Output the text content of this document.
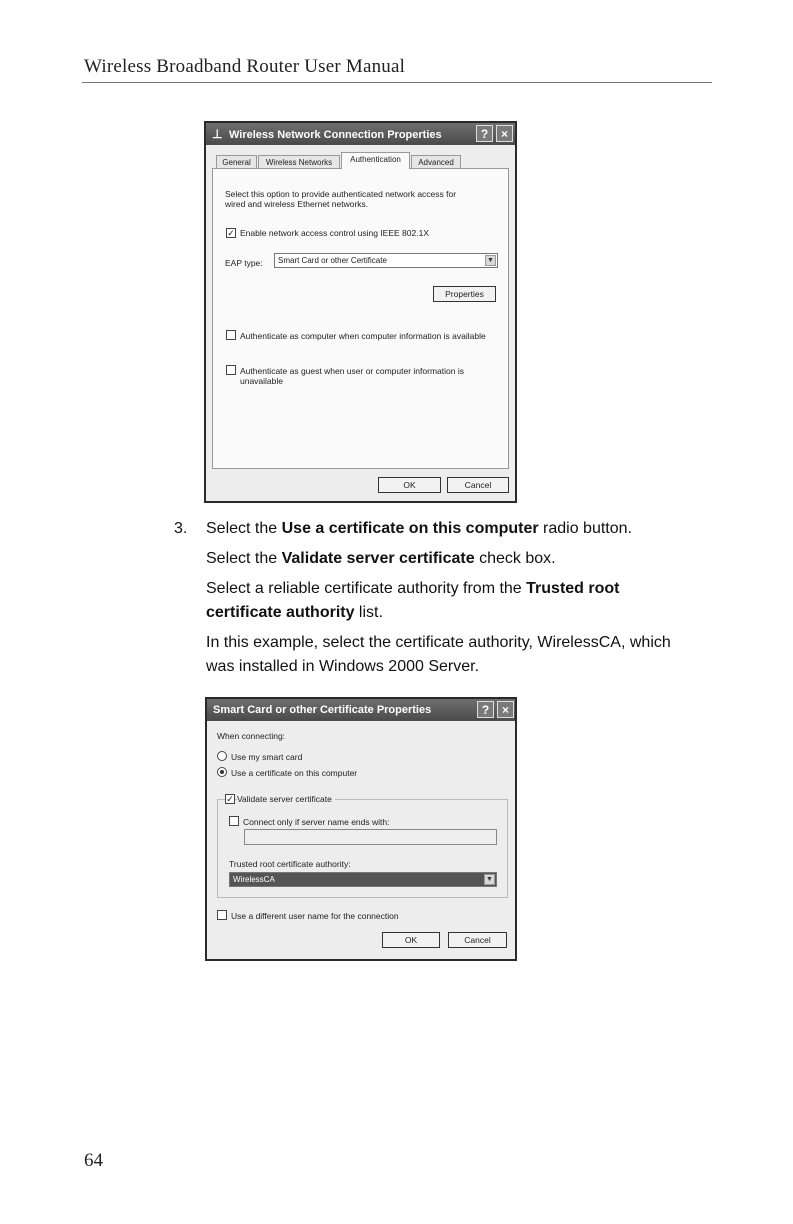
Wireless Broadband Router User Manual
⊥ Wireless Network Connection Properties	?	×
General	Wireless Networks	Authentication	Advanced
Select this option to provide authenticated network access for
wired and wireless Ethernet networks.
✓ Enable network access control using IEEE 802.1X
EAP type:	Smart Card or other Certificate	▼
Properties
Authenticate as computer when computer information is available
Authenticate as guest when user or computer information is
unavailable
OK	Cancel
3. Select the Use a certificate on this computer radio button.
Select the Validate server certificate check box.
Select a reliable certificate authority from the Trusted root certificate authority list.
In this example, select the certificate authority, WirelessCA, which was installed in Windows 2000 Server.
Smart Card or other Certificate Properties	?	×
When connecting:
Use my smart card
Use a certificate on this computer
✓ Validate server certificate
Connect only if server name ends with:
Trusted root certificate authority:
WirelessCA	▼
Use a different user name for the connection
OK	Cancel
64
